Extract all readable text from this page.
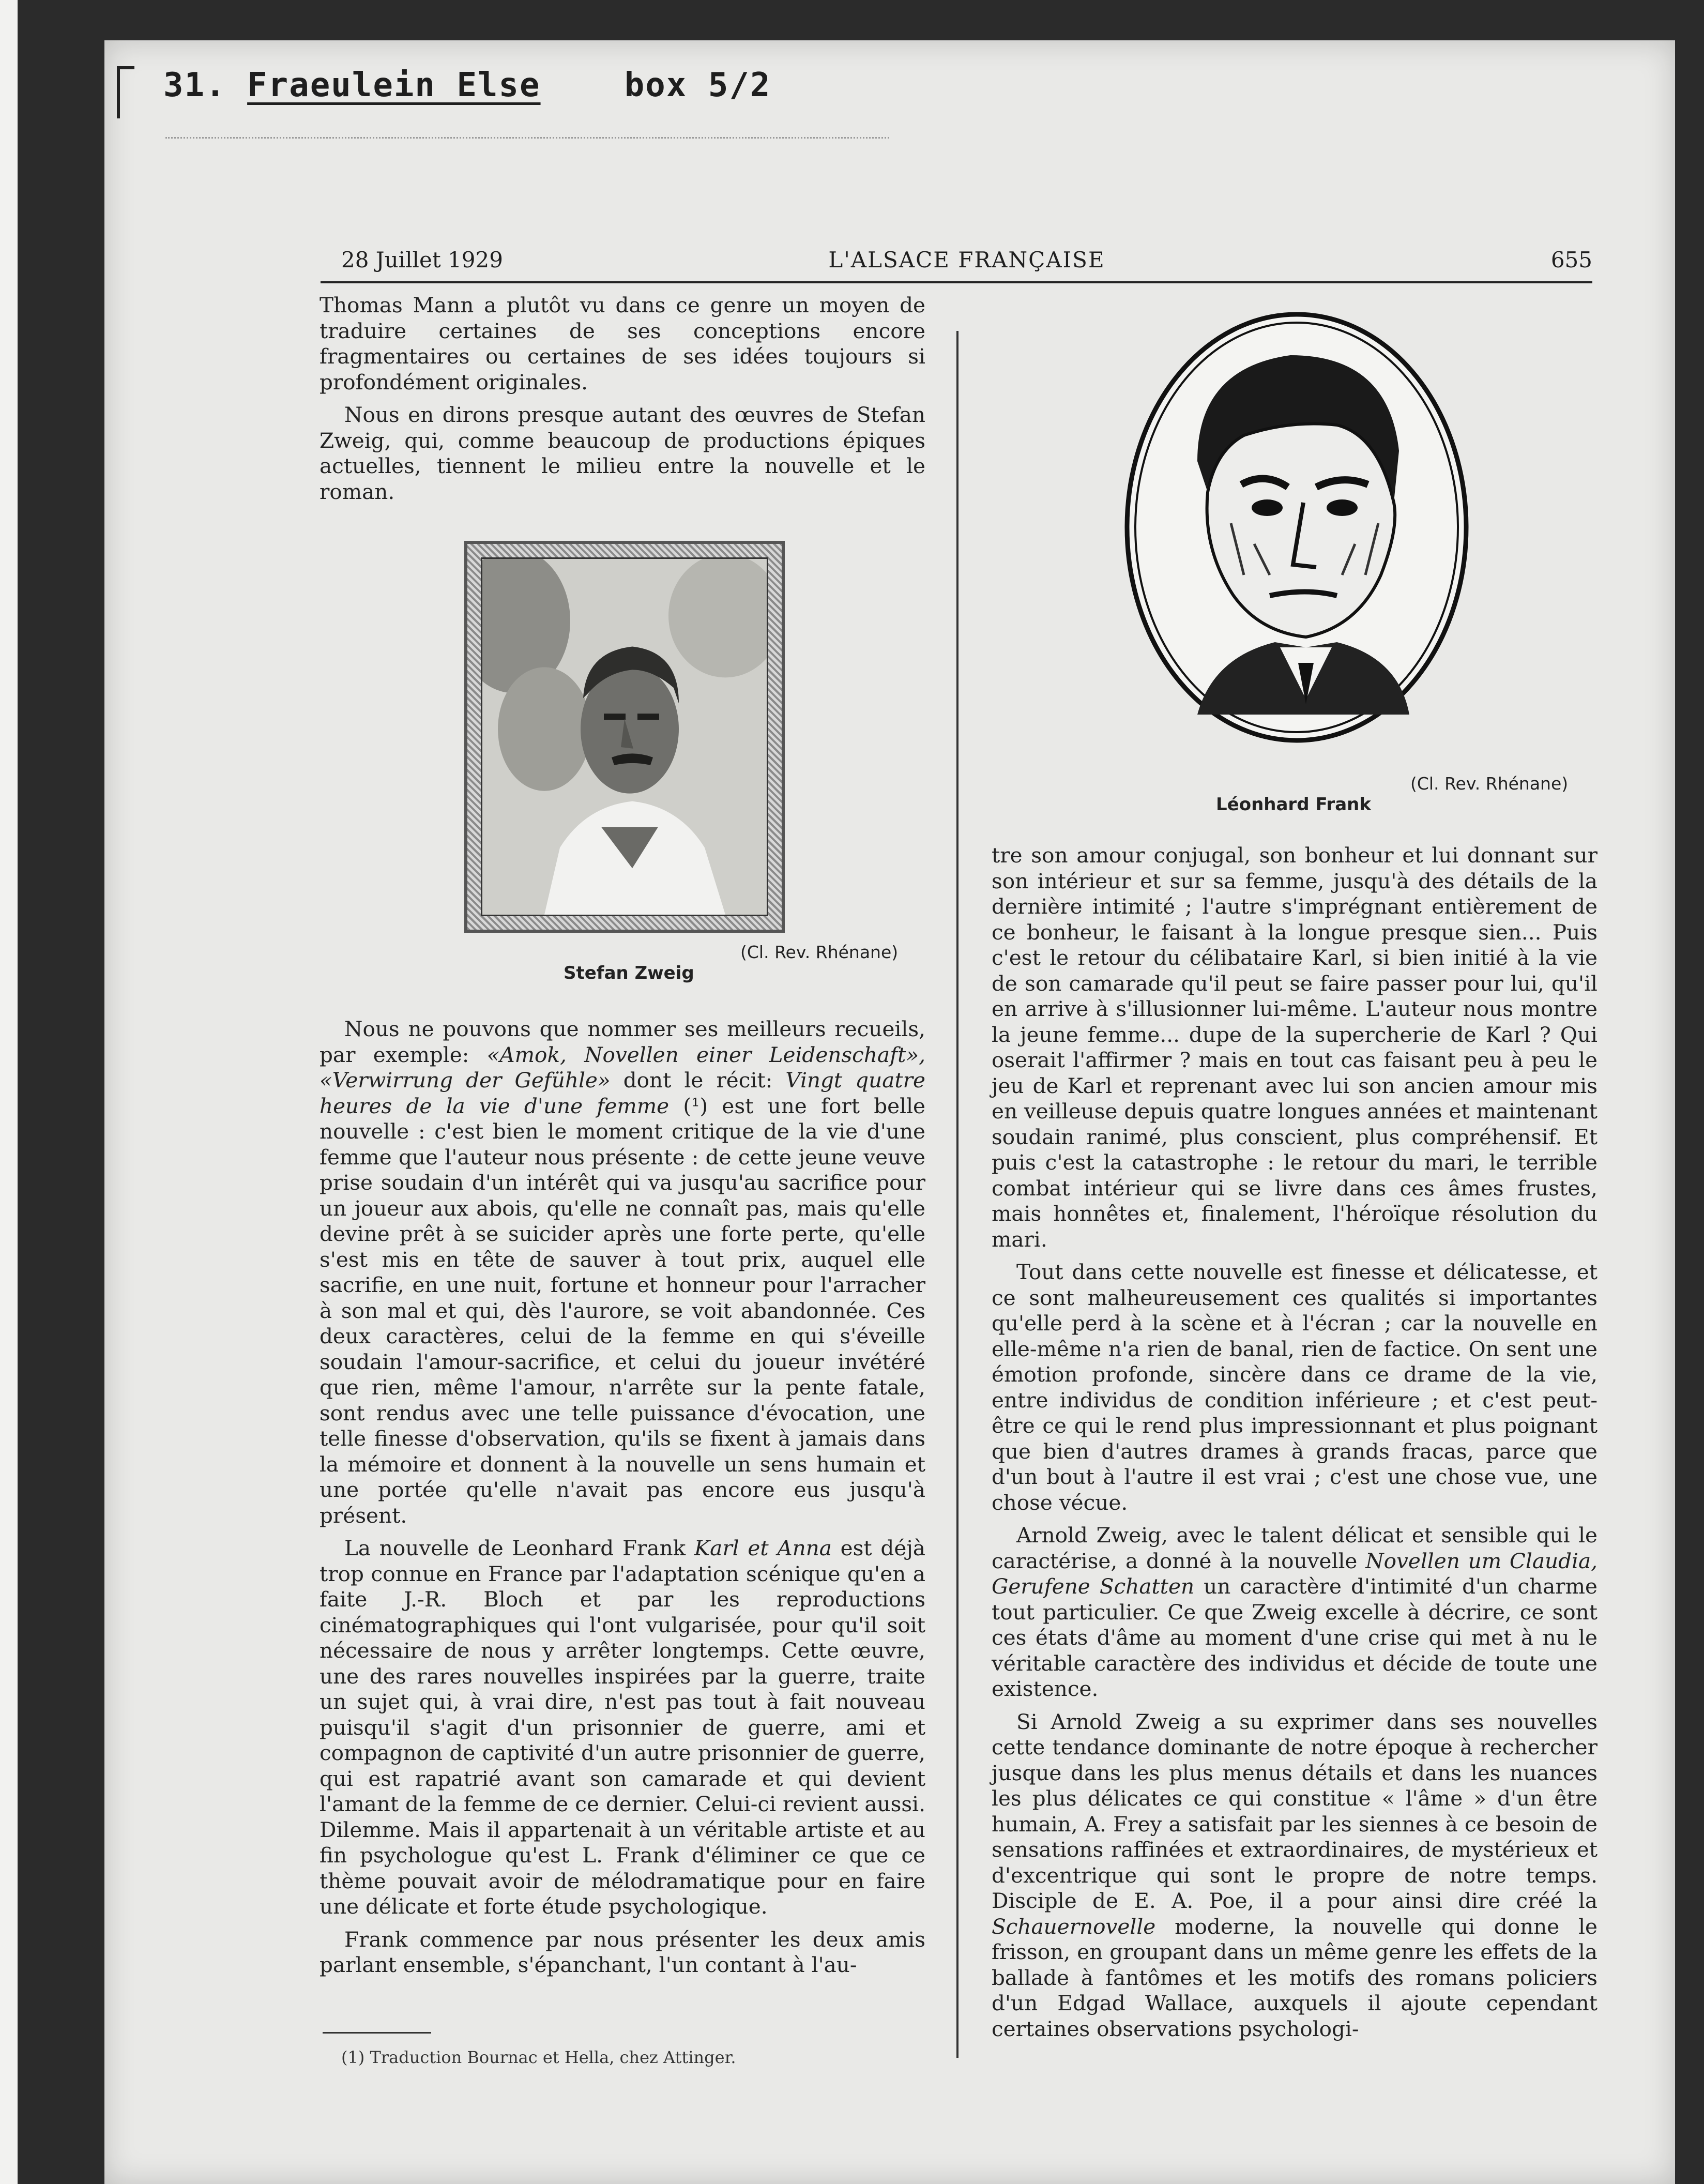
31. Fraeulein Else	box 5/2
28 Juillet 1929	L'ALSACE FRANÇAISE	655

Thomas Mann a plutôt vu dans ce genre un moyen de traduire certaines de ses conceptions encore fragmentaires ou certaines de ses idées toujours si profondément originales.

Nous en dirons presque autant des œuvres de Stefan Zweig, qui, comme beaucoup de productions épiques actuelles, tiennent le milieu entre la nouvelle et le roman.

(Cl. Rev. Rhénane)
Stefan Zweig

Nous ne pouvons que nommer ses meilleurs recueils, par exemple: «Amok, Novellen einer Leidenschaft», «Verwirrung der Gefühle» dont le récit: Vingt quatre heures de la vie d'une femme (¹) est une fort belle nouvelle : c'est bien le moment critique de la vie d'une femme que l'auteur nous présente : de cette jeune veuve prise soudain d'un intérêt qui va jusqu'au sacrifice pour un joueur aux abois, qu'elle ne connaît pas, mais qu'elle devine prêt à se suicider après une forte perte, qu'elle s'est mis en tête de sauver à tout prix, auquel elle sacrifie, en une nuit, fortune et honneur pour l'arracher à son mal et qui, dès l'aurore, se voit abandonnée. Ces deux caractères, celui de la femme en qui s'éveille soudain l'amour-sacrifice, et celui du joueur invétéré que rien, même l'amour, n'arrête sur la pente fatale, sont rendus avec une telle puissance d'évocation, une telle finesse d'observation, qu'ils se fixent à jamais dans la mémoire et donnent à la nouvelle un sens humain et une portée qu'elle n'avait pas encore eus jusqu'à présent.

La nouvelle de Leonhard Frank Karl et Anna est déjà trop connue en France par l'adaptation scénique qu'en a faite J.-R. Bloch et par les reproductions cinématographiques qui l'ont vulgarisée, pour qu'il soit nécessaire de nous y arrêter longtemps. Cette œuvre, une des rares nouvelles inspirées par la guerre, traite un sujet qui, à vrai dire, n'est pas tout à fait nouveau puisqu'il s'agit d'un prisonnier de guerre, ami et compagnon de captivité d'un autre prisonnier de guerre, qui est rapatrié avant son camarade et qui devient l'amant de la femme de ce dernier. Celui-ci revient aussi. Dilemme. Mais il appartenait à un véritable artiste et au fin psychologue qu'est L. Frank d'éliminer ce que ce thème pouvait avoir de mélodramatique pour en faire une délicate et forte étude psychologique.

Frank commence par nous présenter les deux amis parlant ensemble, s'épanchant, l'un contant à l'au-

(Cl. Rev. Rhénane)
Léonhard Frank

tre son amour conjugal, son bonheur et lui donnant sur son intérieur et sur sa femme, jusqu'à des détails de la dernière intimité ; l'autre s'imprégnant entièrement de ce bonheur, le faisant à la longue presque sien... Puis c'est le retour du célibataire Karl, si bien initié à la vie de son camarade qu'il peut se faire passer pour lui, qu'il en arrive à s'illusionner lui-même. L'auteur nous montre la jeune femme... dupe de la supercherie de Karl ? Qui oserait l'affirmer ? mais en tout cas faisant peu à peu le jeu de Karl et reprenant avec lui son ancien amour mis en veilleuse depuis quatre longues années et maintenant soudain ranimé, plus conscient, plus compréhensif. Et puis c'est la catastrophe : le retour du mari, le terrible combat intérieur qui se livre dans ces âmes frustes, mais honnêtes et, finalement, l'héroïque résolution du mari.

Tout dans cette nouvelle est finesse et délicatesse, et ce sont malheureusement ces qualités si importantes qu'elle perd à la scène et à l'écran ; car la nouvelle en elle-même n'a rien de banal, rien de factice. On sent une émotion profonde, sincère dans ce drame de la vie, entre individus de condition inférieure ; et c'est peut-être ce qui le rend plus impressionnant et plus poignant que bien d'autres drames à grands fracas, parce que d'un bout à l'autre il est vrai ; c'est une chose vue, une chose vécue.

Arnold Zweig, avec le talent délicat et sensible qui le caractérise, a donné à la nouvelle Novellen um Claudia, Gerufene Schatten un caractère d'intimité d'un charme tout particulier. Ce que Zweig excelle à décrire, ce sont ces états d'âme au moment d'une crise qui met à nu le véritable caractère des individus et décide de toute une existence.

Si Arnold Zweig a su exprimer dans ses nouvelles cette tendance dominante de notre époque à rechercher jusque dans les plus menus détails et dans les nuances les plus délicates ce qui constitue « l'âme » d'un être humain, A. Frey a satisfait par les siennes à ce besoin de sensations raffinées et extraordinaires, de mystérieux et d'excentrique qui sont le propre de notre temps. Disciple de E. A. Poe, il a pour ainsi dire créé la Schauernovelle moderne, la nouvelle qui donne le frisson, en groupant dans un même genre les effets de la ballade à fantômes et les motifs des romans policiers d'un Edgad Wallace, auxquels il ajoute cependant certaines observations psychologi-

(1) Traduction Bournac et Hella, chez Attinger.
